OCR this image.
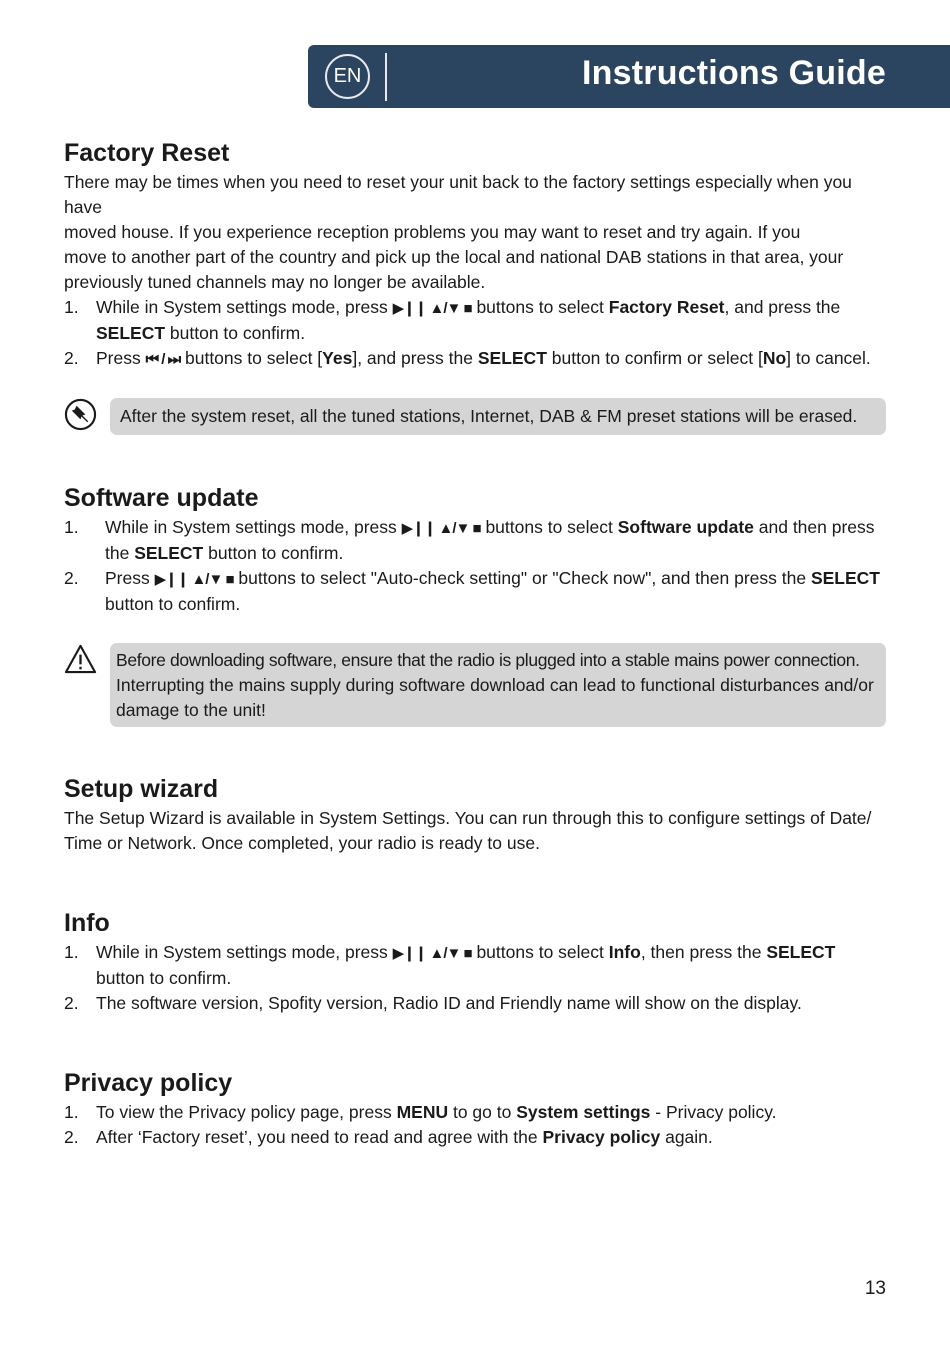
EN	Instructions Guide
Factory Reset

There may be times when you need to reset your unit back to the factory settings especially when you have

moved house. If you experience reception problems you may want to reset and try again. If you

move to another part of the country and pick up the local and national DAB stations in that area, your

previously tuned channels may no longer be available.

1. While in System settings mode, press ▶❙❙ ▲/▼ ■ buttons to select Factory Reset, and press the SELECT button to confirm.
2. Press ⏮ / ⏭ buttons to select [Yes], and press the SELECT button to confirm or select [No] to cancel.
After the system reset, all the tuned stations, Internet, DAB & FM preset stations will be erased.
Software update
1. While in System settings mode, press ▶❙❙ ▲/▼ ■ buttons to select Software update and then press the SELECT button to confirm.
2. Press ▶❙❙ ▲/▼ ■ buttons to select "Auto-check setting" or "Check now", and then press the SELECT button to confirm.
Before downloading software, ensure that the radio is plugged into a stable mains power connection.
Interrupting the mains supply during software download can lead to functional disturbances and/or damage to the unit!
Setup wizard

The Setup Wizard is available in System Settings. You can run through this to configure settings of Date/ Time or Network. Once completed, your radio is ready to use.

Info
1. While in System settings mode, press ▶❙❙ ▲/▼ ■ buttons to select Info, then press the SELECT button to confirm.
2. The software version, Spofity version, Radio ID and Friendly name will show on the display.
Privacy policy
1. To view the Privacy policy page, press MENU to go to System settings - Privacy policy.
2. After ‘Factory reset’, you need to read and agree with the Privacy policy again.
13
